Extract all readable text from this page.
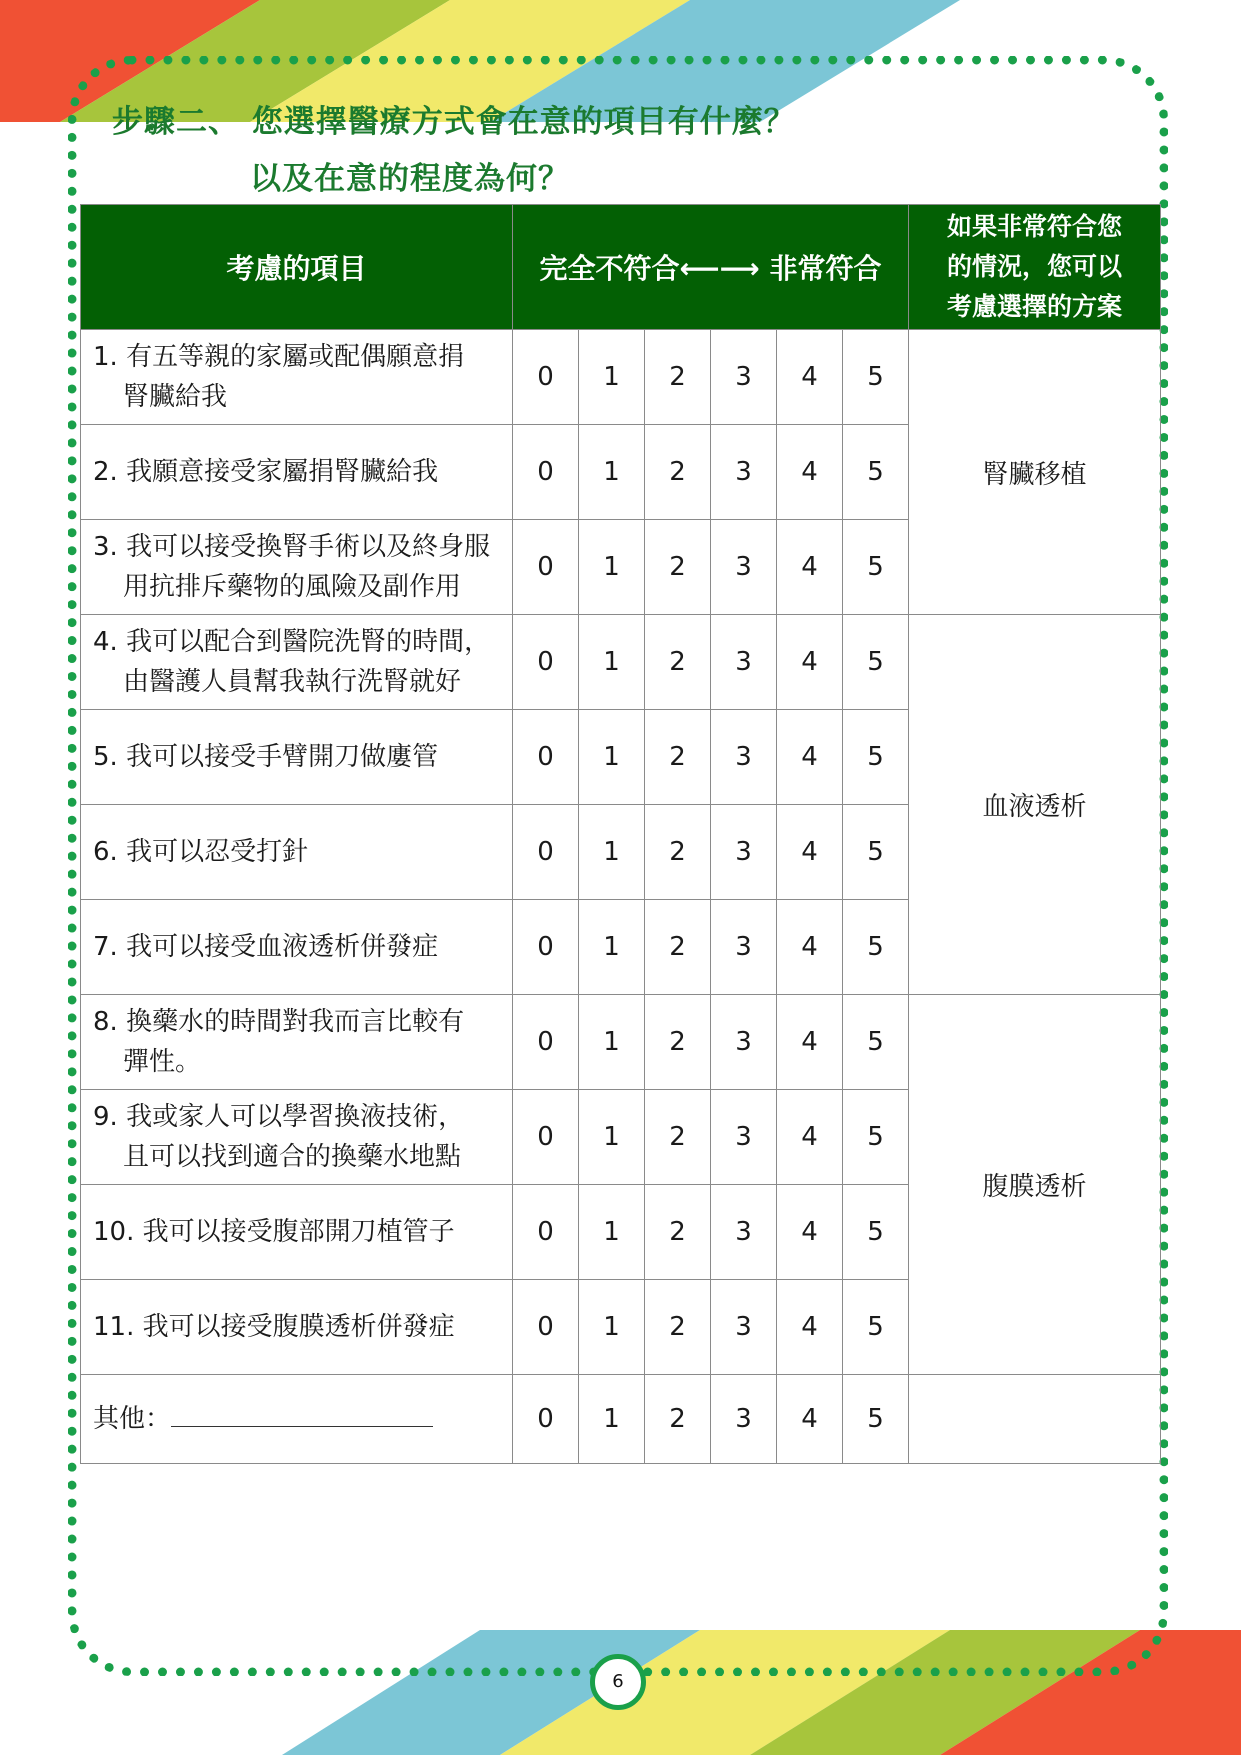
步驟二、 您選擇醫療方式會在意的項目有什麼？
以及在意的程度為何？
考慮的項目	完全不符合⟵⟶ 非常符合						如果非常符合您
的情況，您可以
考慮選擇的方案

1. 有五等親的家屬或配偶願意捐
腎臟給我	0	1	2	3	4	5	腎臟移植
2. 我願意接受家屬捐腎臟給我	0	1	2	3	4	5	
3. 我可以接受換腎手術以及終身服
用抗排斥藥物的風險及副作用	0	1	2	3	4	5	
4. 我可以配合到醫院洗腎的時間，
由醫護人員幫我執行洗腎就好	0	1	2	3	4	5	血液透析
5. 我可以接受手臂開刀做廔管	0	1	2	3	4	5	
6. 我可以忍受打針	0	1	2	3	4	5	
7. 我可以接受血液透析併發症	0	1	2	3	4	5	
8. 換藥水的時間對我而言比較有
彈性。	0	1	2	3	4	5	腹膜透析
9. 我或家人可以學習換液技術，
且可以找到適合的換藥水地點	0	1	2	3	4	5	
10. 我可以接受腹部開刀植管子	0	1	2	3	4	5	
11. 我可以接受腹膜透析併發症	0	1	2	3	4	5	
其他：	0	1	2	3	4	5	
6
